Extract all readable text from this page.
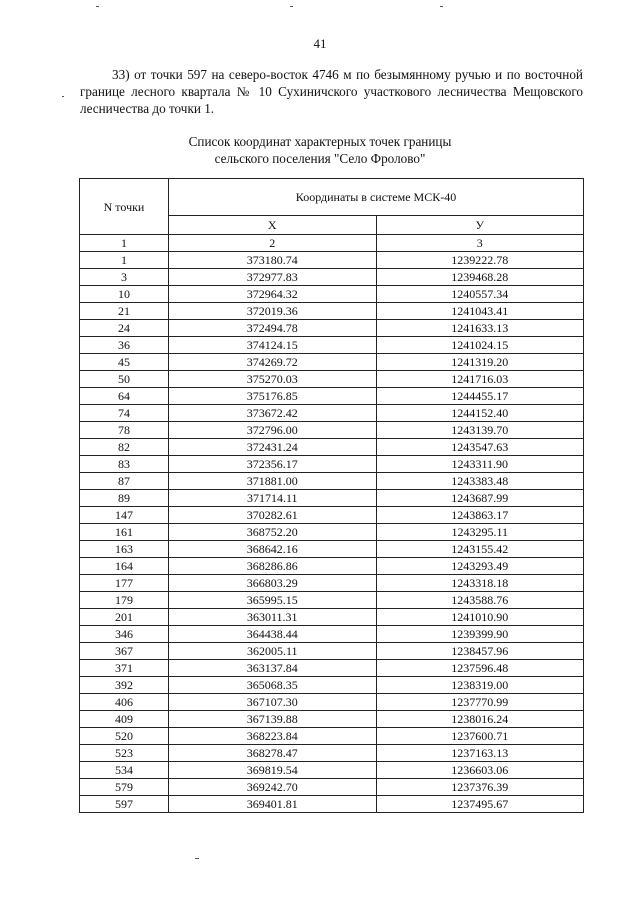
41
33) от точки 597 на северо-восток 4746 м по безымянному ручью и по восточной границе лесного квартала № 10 Сухиничского участкового лесничества Мещовского лесничества до точки 1.
Список координат характерных точек границы
сельского поселения "Село Фролово"
N точки	Координаты в системе МСК-40	
	X	У
1	2	3
1	373180.74	1239222.78
3	372977.83	1239468.28
10	372964.32	1240557.34
21	372019.36	1241043.41
24	372494.78	1241633.13
36	374124.15	1241024.15
45	374269.72	1241319.20
50	375270.03	1241716.03
64	375176.85	1244455.17
74	373672.42	1244152.40
78	372796.00	1243139.70
82	372431.24	1243547.63
83	372356.17	1243311.90
87	371881.00	1243383.48
89	371714.11	1243687.99
147	370282.61	1243863.17
161	368752.20	1243295.11
163	368642.16	1243155.42
164	368286.86	1243293.49
177	366803.29	1243318.18
179	365995.15	1243588.76
201	363011.31	1241010.90
346	364438.44	1239399.90
367	362005.11	1238457.96
371	363137.84	1237596.48
392	365068.35	1238319.00
406	367107.30	1237770.99
409	367139.88	1238016.24
520	368223.84	1237600.71
523	368278.47	1237163.13
534	369819.54	1236603.06
579	369242.70	1237376.39
597	369401.81	1237495.67
